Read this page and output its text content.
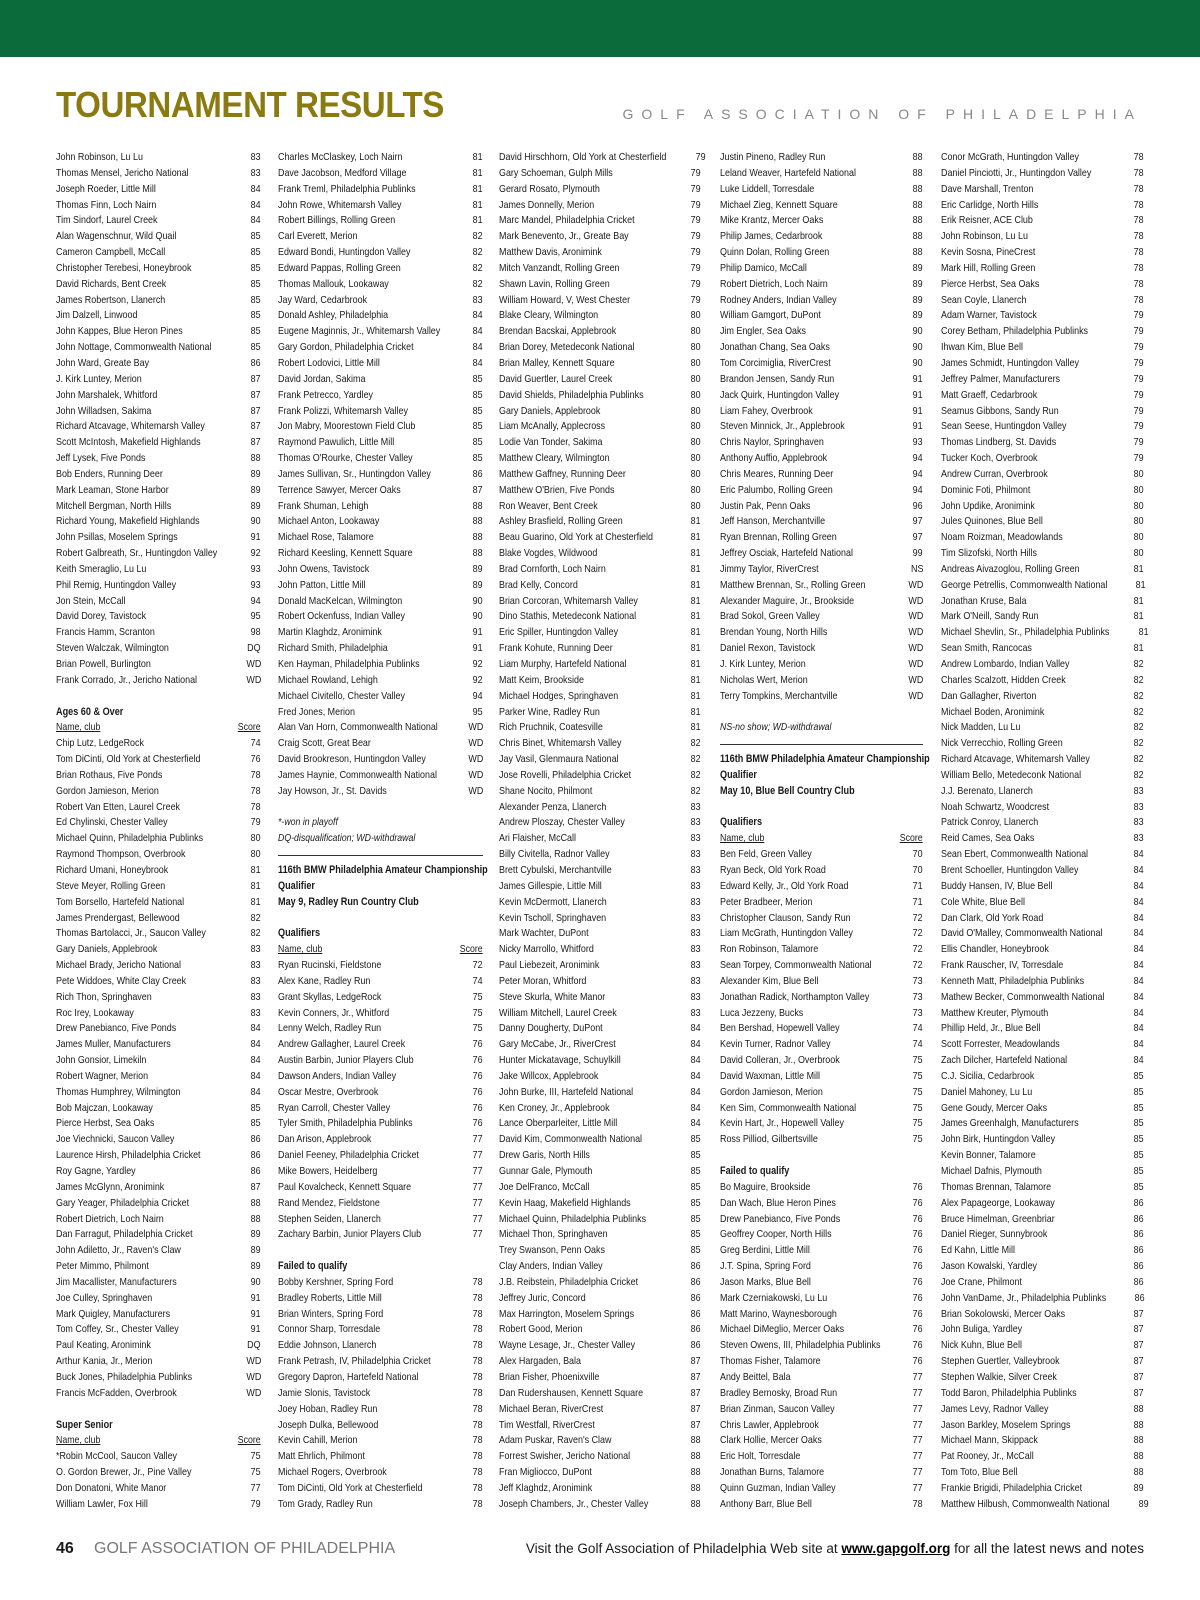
TOURNAMENT RESULTS	GOLF ASSOCIATION OF PHILADELPHIA
John Robinson, Lu Lu	83
Thomas Mensel, Jericho National	83
Joseph Roeder, Little Mill	84
Thomas Finn, Loch Nairn	84
Tim Sindorf, Laurel Creek	84
Alan Wagenschnur, Wild Quail	85
Cameron Campbell, McCall	85
Christopher Terebesi, Honeybrook	85
David Richards, Bent Creek	85
James Robertson, Llanerch	85
Jim Dalzell, Linwood	85
John Kappes, Blue Heron Pines	85
John Nottage, Commonwealth National	85
John Ward, Greate Bay	86
J. Kirk Luntey, Merion	87
John Marshalek, Whitford	87
John Willadsen, Sakima	87
Richard Atcavage, Whitemarsh Valley	87
Scott McIntosh, Makefield Highlands	87
Jeff Lysek, Five Ponds	88
Bob Enders, Running Deer	89
Mark Leaman, Stone Harbor	89
Mitchell Bergman, North Hills	89
Richard Young, Makefield Highlands	90
John Psillas, Moselem Springs	91
Robert Galbreath, Sr., Huntingdon Valley	92
Keith Smeraglio, Lu Lu	93
Phil Remig, Huntingdon Valley	93
Jon Stein, McCall	94
David Dorey, Tavistock	95
Francis Hamm, Scranton	98
Steven Walczak, Wilmington	DQ
Brian Powell, Burlington	WD
Frank Corrado, Jr., Jericho National	WD
Ages 60 & Over
Name, club	Score
Chip Lutz, LedgeRock	74
Tom DiCinti, Old York at Chesterfield	76
Brian Rothaus, Five Ponds	78
Gordon Jamieson, Merion	78
Robert Van Etten, Laurel Creek	78
Ed Chylinski, Chester Valley	79
Michael Quinn, Philadelphia Publinks	80
Raymond Thompson, Overbrook	80
Richard Umani, Honeybrook	81
Steve Meyer, Rolling Green	81
Tom Borsello, Hartefeld National	81
James Prendergast, Bellewood	82
Thomas Bartolacci, Jr., Saucon Valley	82
Gary Daniels, Applebrook	83
Michael Brady, Jericho National	83
Pete Widdoes, White Clay Creek	83
Rich Thon, Springhaven	83
Roc Irey, Lookaway	83
Drew Panebianco, Five Ponds	84
James Muller, Manufacturers	84
John Gonsior, Limekiln	84
Robert Wagner, Merion	84
Thomas Humphrey, Wilmington	84
Bob Majczan, Lookaway	85
Pierce Herbst, Sea Oaks	85
Joe Viechnicki, Saucon Valley	86
Laurence Hirsh, Philadelphia Cricket	86
Roy Gagne, Yardley	86
James McGlynn, Aronimink	87
Gary Yeager, Philadelphia Cricket	88
Robert Dietrich, Loch Nairn	88
Dan Farragut, Philadelphia Cricket	89
John Adiletto, Jr., Raven's Claw	89
Peter Mimmo, Philmont	89
Jim Macallister, Manufacturers	90
Joe Culley, Springhaven	91
Mark Quigley, Manufacturers	91
Tom Coffey, Sr., Chester Valley	91
Paul Keating, Aronimink	DQ
Arthur Kania, Jr., Merion	WD
Buck Jones, Philadelphia Publinks	WD
Francis McFadden, Overbrook	WD
Super Senior
Name, club	Score
*Robin McCool, Saucon Valley	75
O. Gordon Brewer, Jr., Pine Valley	75
Don Donatoni, White Manor	77
William Lawler, Fox Hill	79
Charles McClaskey, Loch Nairn	81
Dave Jacobson, Medford Village	81
Frank Treml, Philadelphia Publinks	81
John Rowe, Whitemarsh Valley	81
Robert Billings, Rolling Green	81
Carl Everett, Merion	82
Edward Bondi, Huntingdon Valley	82
Edward Pappas, Rolling Green	82
Thomas Mallouk, Lookaway	82
Jay Ward, Cedarbrook	83
Donald Ashley, Philadelphia	84
Eugene Maginnis, Jr., Whitemarsh Valley	84
Gary Gordon, Philadelphia Cricket	84
Robert Lodovici, Little Mill	84
David Jordan, Sakima	85
Frank Petrecco, Yardley	85
Frank Polizzi, Whitemarsh Valley	85
Jon Mabry, Moorestown Field Club	85
Raymond Pawulich, Little Mill	85
Thomas O'Rourke, Chester Valley	85
James Sullivan, Sr., Huntingdon Valley	86
Terrence Sawyer, Mercer Oaks	87
Frank Shuman, Lehigh	88
Michael Anton, Lookaway	88
Michael Rose, Talamore	88
Richard Keesling, Kennett Square	88
John Owens, Tavistock	89
John Patton, Little Mill	89
Donald MacKelcan, Wilmington	90
Robert Ockenfuss, Indian Valley	90
Martin Klaghdz, Aronimink	91
Richard Smith, Philadelphia	91
Ken Hayman, Philadelphia Publinks	92
Michael Rowland, Lehigh	92
Michael Civitello, Chester Valley	94
Fred Jones, Merion	95
Alan Van Horn, Commonwealth National	WD
Craig Scott, Great Bear	WD
David Brookreson, Huntingdon Valley	WD
James Haynie, Commonwealth National	WD
Jay Howson, Jr., St. Davids	WD
*-won in playoff
DQ-disqualification; WD-withdrawal
116th BMW Philadelphia Amateur Championship
Qualifier
May 9, Radley Run Country Club
Qualifiers
Name, club	Score
Ryan Rucinski, Fieldstone	72
Alex Kane, Radley Run	74
Grant Skyllas, LedgeRock	75
Kevin Conners, Jr., Whitford	75
Lenny Welch, Radley Run	75
Andrew Gallagher, Laurel Creek	76
Austin Barbin, Junior Players Club	76
Dawson Anders, Indian Valley	76
Oscar Mestre, Overbrook	76
Ryan Carroll, Chester Valley	76
Tyler Smith, Philadelphia Publinks	76
Dan Arison, Applebrook	77
Daniel Feeney, Philadelphia Cricket	77
Mike Bowers, Heidelberg	77
Paul Kovalcheck, Kennett Square	77
Rand Mendez, Fieldstone	77
Stephen Seiden, Llanerch	77
Zachary Barbin, Junior Players Club	77
Failed to qualify
Bobby Kershner, Spring Ford	78
Bradley Roberts, Little Mill	78
Brian Winters, Spring Ford	78
Connor Sharp, Torresdale	78
Eddie Johnson, Llanerch	78
Frank Petrash, IV, Philadelphia Cricket	78
Gregory Dapron, Hartefeld National	78
Jamie Slonis, Tavistock	78
Joey Hoban, Radley Run	78
Joseph Dulka, Bellewood	78
Kevin Cahill, Merion	78
Matt Ehrlich, Philmont	78
Michael Rogers, Overbrook	78
Tom DiCinti, Old York at Chesterfield	78
Tom Grady, Radley Run	78
David Hirschhorn, Old York at Chesterfield	79
Gary Schoeman, Gulph Mills	79
Gerard Rosato, Plymouth	79
James Donnelly, Merion	79
Marc Mandel, Philadelphia Cricket	79
Mark Benevento, Jr., Greate Bay	79
Matthew Davis, Aronimink	79
Mitch Vanzandt, Rolling Green	79
Shawn Lavin, Rolling Green	79
William Howard, V, West Chester	79
Blake Cleary, Wilmington	80
Brendan Bacskai, Applebrook	80
Brian Dorey, Metedeconk National	80
Brian Malley, Kennett Square	80
David Guertler, Laurel Creek	80
David Shields, Philadelphia Publinks	80
Gary Daniels, Applebrook	80
Liam McAnally, Applecross	80
Lodie Van Tonder, Sakima	80
Matthew Cleary, Wilmington	80
Matthew Gaffney, Running Deer	80
Matthew O'Brien, Five Ponds	80
Ron Weaver, Bent Creek	80
Ashley Brasfield, Rolling Green	81
Beau Guarino, Old York at Chesterfield	81
Blake Vogdes, Wildwood	81
Brad Cornforth, Loch Nairn	81
Brad Kelly, Concord	81
Brian Corcoran, Whitemarsh Valley	81
Dino Stathis, Metedeconk National	81
Eric Spiller, Huntingdon Valley	81
Frank Kohute, Running Deer	81
Liam Murphy, Hartefeld National	81
Matt Keim, Brookside	81
Michael Hodges, Springhaven	81
Parker Wine, Radley Run	81
Rich Pruchnik, Coatesville	81
Chris Binet, Whitemarsh Valley	82
Jay Vasil, Glenmaura National	82
Jose Rovelli, Philadelphia Cricket	82
Shane Nocito, Philmont	82
Alexander Penza, Llanerch	83
Andrew Ploszay, Chester Valley	83
Ari Flaisher, McCall	83
Billy Civitella, Radnor Valley	83
Brett Cybulski, Merchantville	83
James Gillespie, Little Mill	83
Kevin McDermott, Llanerch	83
Kevin Tscholl, Springhaven	83
Mark Wachter, DuPont	83
Nicky Marrollo, Whitford	83
Paul Liebezeit, Aronimink	83
Peter Moran, Whitford	83
Steve Skurla, White Manor	83
William Mitchell, Laurel Creek	83
Danny Dougherty, DuPont	84
Gary McCabe, Jr., RiverCrest	84
Hunter Mickatavage, Schuylkill	84
Jake Willcox, Applebrook	84
John Burke, III, Hartefeld National	84
Ken Croney, Jr., Applebrook	84
Lance Oberparleiter, Little Mill	84
David Kim, Commonwealth National	85
Drew Garis, North Hills	85
Gunnar Gale, Plymouth	85
Joe DelFranco, McCall	85
Kevin Haag, Makefield Highlands	85
Michael Quinn, Philadelphia Publinks	85
Michael Thon, Springhaven	85
Trey Swanson, Penn Oaks	85
Clay Anders, Indian Valley	86
J.B. Reibstein, Philadelphia Cricket	86
Jeffrey Juric, Concord	86
Max Harrington, Moselem Springs	86
Robert Good, Merion	86
Wayne Lesage, Jr., Chester Valley	86
Alex Hargaden, Bala	87
Brian Fisher, Phoenixville	87
Dan Rudershausen, Kennett Square	87
Michael Beran, RiverCrest	87
Tim Westfall, RiverCrest	87
Adam Puskar, Raven's Claw	88
Forrest Swisher, Jericho National	88
Fran Migliocco, DuPont	88
Jeff Klaghdz, Aronimink	88
Joseph Chambers, Jr., Chester Valley	88
Justin Pineno, Radley Run	88
Leland Weaver, Hartefeld National	88
Luke Liddell, Torresdale	88
Michael Zieg, Kennett Square	88
Mike Krantz, Mercer Oaks	88
Philip James, Cedarbrook	88
Quinn Dolan, Rolling Green	88
Philip Damico, McCall	89
Robert Dietrich, Loch Nairn	89
Rodney Anders, Indian Valley	89
William Gamgort, DuPont	89
Jim Engler, Sea Oaks	90
Jonathan Chang, Sea Oaks	90
Tom Corcimiglia, RiverCrest	90
Brandon Jensen, Sandy Run	91
Jack Quirk, Huntingdon Valley	91
Liam Fahey, Overbrook	91
Steven Minnick, Jr., Applebrook	91
Chris Naylor, Springhaven	93
Anthony Auffio, Applebrook	94
Chris Meares, Running Deer	94
Eric Palumbo, Rolling Green	94
Justin Pak, Penn Oaks	96
Jeff Hanson, Merchantville	97
Ryan Brennan, Rolling Green	97
Jeffrey Osciak, Hartefeld National	99
Jimmy Taylor, RiverCrest	NS
Matthew Brennan, Sr., Rolling Green	WD
Alexander Maguire, Jr., Brookside	WD
Brad Sokol, Green Valley	WD
Brendan Young, North Hills	WD
Daniel Rexon, Tavistock	WD
J. Kirk Luntey, Merion	WD
Nicholas Wert, Merion	WD
Terry Tompkins, Merchantville	WD
NS-no show; WD-withdrawal
116th BMW Philadelphia Amateur Championship
Qualifier
May 10, Blue Bell Country Club
Qualifiers
Name, club	Score
Ben Feld, Green Valley	70
Ryan Beck, Old York Road	70
Edward Kelly, Jr., Old York Road	71
Peter Bradbeer, Merion	71
Christopher Clauson, Sandy Run	72
Liam McGrath, Huntingdon Valley	72
Ron Robinson, Talamore	72
Sean Torpey, Commonwealth National	72
Alexander Kim, Blue Bell	73
Jonathan Radick, Northampton Valley	73
Luca Jezzeny, Bucks	73
Ben Bershad, Hopewell Valley	74
Kevin Turner, Radnor Valley	74
David Colleran, Jr., Overbrook	75
David Waxman, Little Mill	75
Gordon Jamieson, Merion	75
Ken Sim, Commonwealth National	75
Kevin Hart, Jr., Hopewell Valley	75
Ross Pilliod, Gilbertsville	75
Failed to qualify
Bo Maguire, Brookside	76
Dan Wach, Blue Heron Pines	76
Drew Panebianco, Five Ponds	76
Geoffrey Cooper, North Hills	76
Greg Berdini, Little Mill	76
J.T. Spina, Spring Ford	76
Jason Marks, Blue Bell	76
Mark Czerniakowski, Lu Lu	76
Matt Marino, Waynesborough	76
Michael DiMeglio, Mercer Oaks	76
Steven Owens, III, Philadelphia Publinks	76
Thomas Fisher, Talamore	76
Andy Beittel, Bala	77
Bradley Bernosky, Broad Run	77
Brian Zinman, Saucon Valley	77
Chris Lawler, Applebrook	77
Clark Hollie, Mercer Oaks	77
Eric Holt, Torresdale	77
Jonathan Burns, Talamore	77
Quinn Guzman, Indian Valley	77
Anthony Barr, Blue Bell	78
Conor McGrath, Huntingdon Valley	78
Daniel Pinciotti, Jr., Huntingdon Valley	78
Dave Marshall, Trenton	78
Eric Carlidge, North Hills	78
Erik Reisner, ACE Club	78
John Robinson, Lu Lu	78
Kevin Sosna, PineCrest	78
Mark Hill, Rolling Green	78
Pierce Herbst, Sea Oaks	78
Sean Coyle, Llanerch	78
Adam Warner, Tavistock	79
Corey Betham, Philadelphia Publinks	79
Ihwan Kim, Blue Bell	79
James Schmidt, Huntingdon Valley	79
Jeffrey Palmer, Manufacturers	79
Matt Graeff, Cedarbrook	79
Seamus Gibbons, Sandy Run	79
Sean Seese, Huntingdon Valley	79
Thomas Lindberg, St. Davids	79
Tucker Koch, Overbrook	79
Andrew Curran, Overbrook	80
Dominic Foti, Philmont	80
John Updike, Aronimink	80
Jules Quinones, Blue Bell	80
Noam Roizman, Meadowlands	80
Tim Slizofski, North Hills	80
Andreas Aivazoglou, Rolling Green	81
George Petrellis, Commonwealth National	81
Jonathan Kruse, Bala	81
Mark O'Neill, Sandy Run	81
Michael Shevlin, Sr., Philadelphia Publinks	81
Sean Smith, Rancocas	81
Andrew Lombardo, Indian Valley	82
Charles Scalzott, Hidden Creek	82
Dan Gallagher, Riverton	82
Michael Boden, Aronimink	82
Nick Madden, Lu Lu	82
Nick Verrecchio, Rolling Green	82
Richard Atcavage, Whitemarsh Valley	82
William Bello, Metedeconk National	82
J.J. Berenato, Llanerch	83
Noah Schwartz, Woodcrest	83
Patrick Conroy, Llanerch	83
Reid Cames, Sea Oaks	83
Sean Ebert, Commonwealth National	84
Brent Schoeller, Huntingdon Valley	84
Buddy Hansen, IV, Blue Bell	84
Cole White, Blue Bell	84
Dan Clark, Old York Road	84
David O'Malley, Commonwealth National	84
Ellis Chandler, Honeybrook	84
Frank Rauscher, IV, Torresdale	84
Kenneth Matt, Philadelphia Publinks	84
Mathew Becker, Commonwealth National	84
Matthew Kreuter, Plymouth	84
Phillip Held, Jr., Blue Bell	84
Scott Forrester, Meadowlands	84
Zach Dilcher, Hartefeld National	84
C.J. Sicilia, Cedarbrook	85
Daniel Mahoney, Lu Lu	85
Gene Goudy, Mercer Oaks	85
James Greenhalgh, Manufacturers	85
John Birk, Huntingdon Valley	85
Kevin Bonner, Talamore	85
Michael Dafnis, Plymouth	85
Thomas Brennan, Talamore	85
Alex Papageorge, Lookaway	86
Bruce Himelman, Greenbriar	86
Daniel Rieger, Sunnybrook	86
Ed Kahn, Little Mill	86
Jason Kowalski, Yardley	86
Joe Crane, Philmont	86
John VanDame, Jr., Philadelphia Publinks	86
Brian Sokolowski, Mercer Oaks	87
John Buliga, Yardley	87
Nick Kuhn, Blue Bell	87
Stephen Guertler, Valleybrook	87
Stephen Walkie, Silver Creek	87
Todd Baron, Philadelphia Publinks	87
James Levy, Radnor Valley	88
Jason Barkley, Moselem Springs	88
Michael Mann, Skippack	88
Pat Rooney, Jr., McCall	88
Tom Toto, Blue Bell	88
Frankie Brigidi, Philadelphia Cricket	89
Matthew Hilbush, Commonwealth National	89
46 GOLF ASSOCIATION OF PHILADELPHIA	Visit the Golf Association of Philadelphia Web site at www.gapgolf.org for all the latest news and notes
